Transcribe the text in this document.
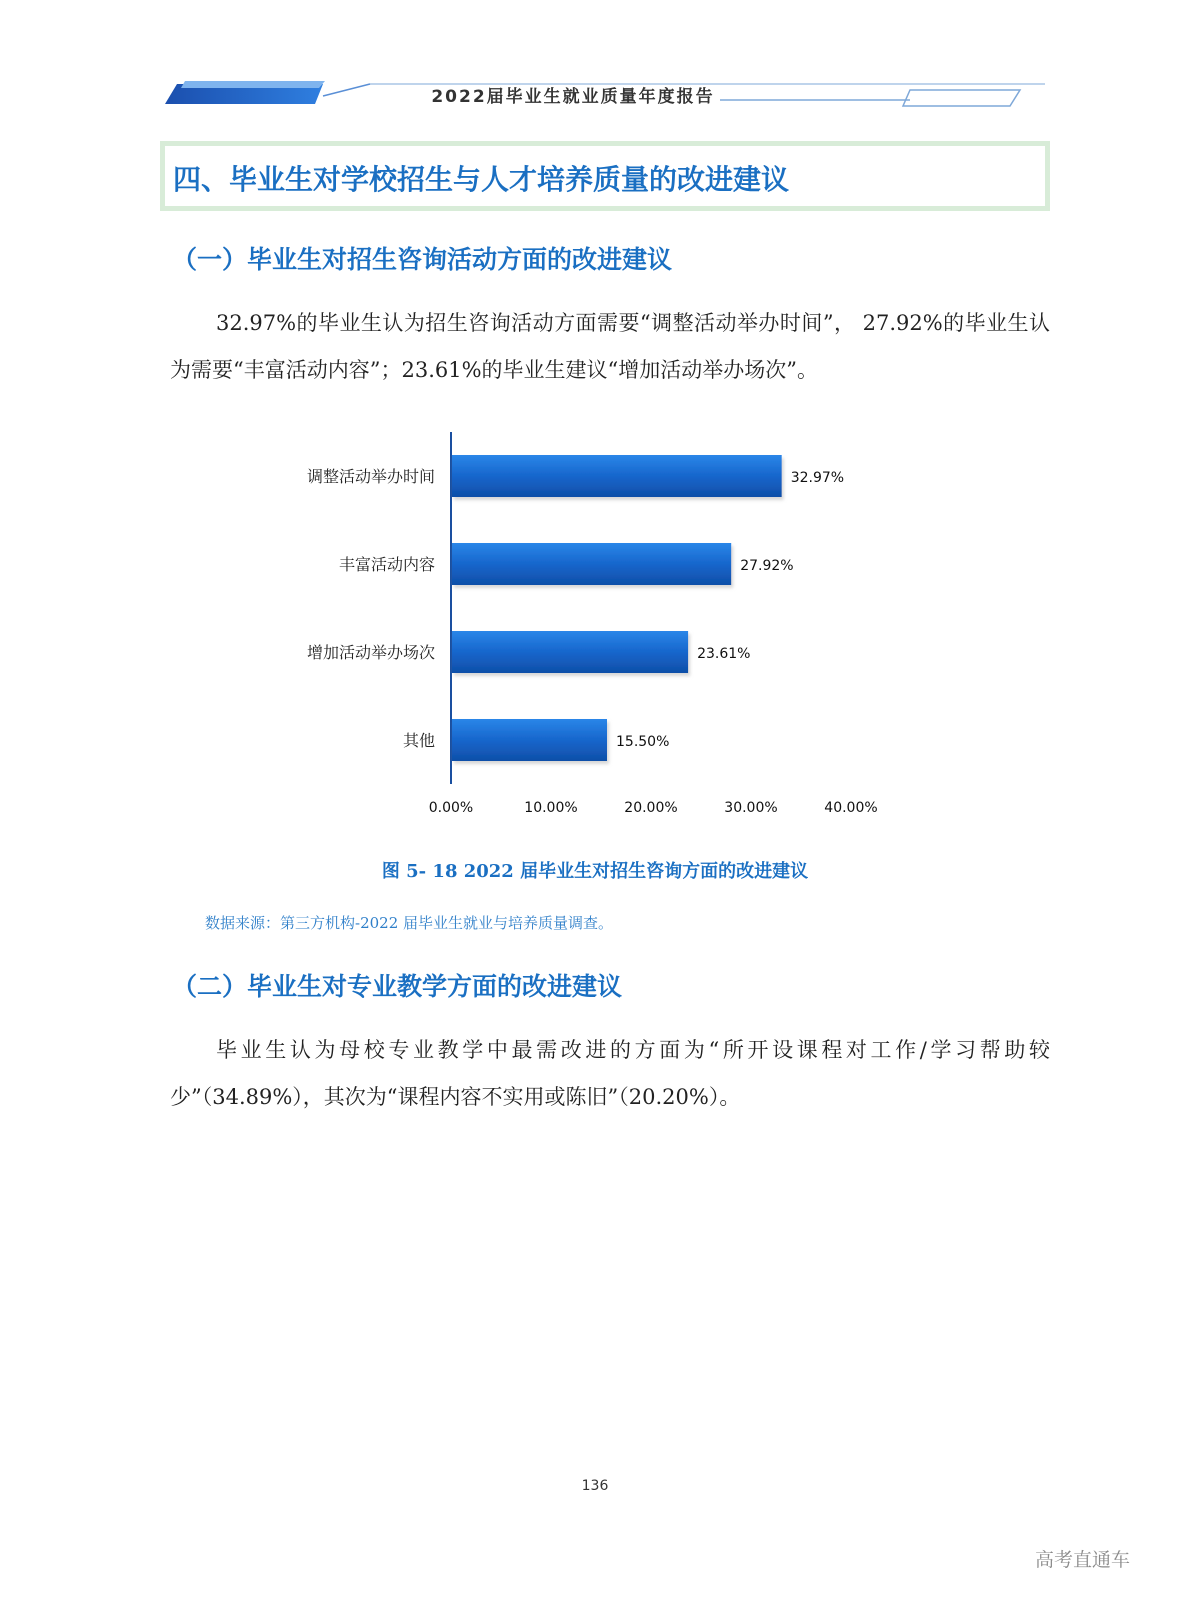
2022届毕业生就业质量年度报告
四、毕业生对学校招生与人才培养质量的改进建议
（一）毕业生对招生咨询活动方面的改进建议
32.97%的毕业生认为招生咨询活动方面需要“调整活动举办时间”， 27.92%的毕业生认为需要“丰富活动内容”；23.61%的毕业生建议“增加活动举办场次”。
调整活动举办时间	32.97%
丰富活动内容	27.92%
增加活动举办场次	23.61%
其他	15.50%
0.00%	10.00%	20.00%	30.00%	40.00%
图 5- 18 2022 届毕业生对招生咨询方面的改进建议
数据来源：第三方机构-2022 届毕业生就业与培养质量调查。
（二）毕业生对专业教学方面的改进建议
毕业生认为母校专业教学中最需改进的方面为“所开设课程对工作/学习帮助较少”（34.89%），其次为“课程内容不实用或陈旧”（20.20%）。
136
高考直通车
